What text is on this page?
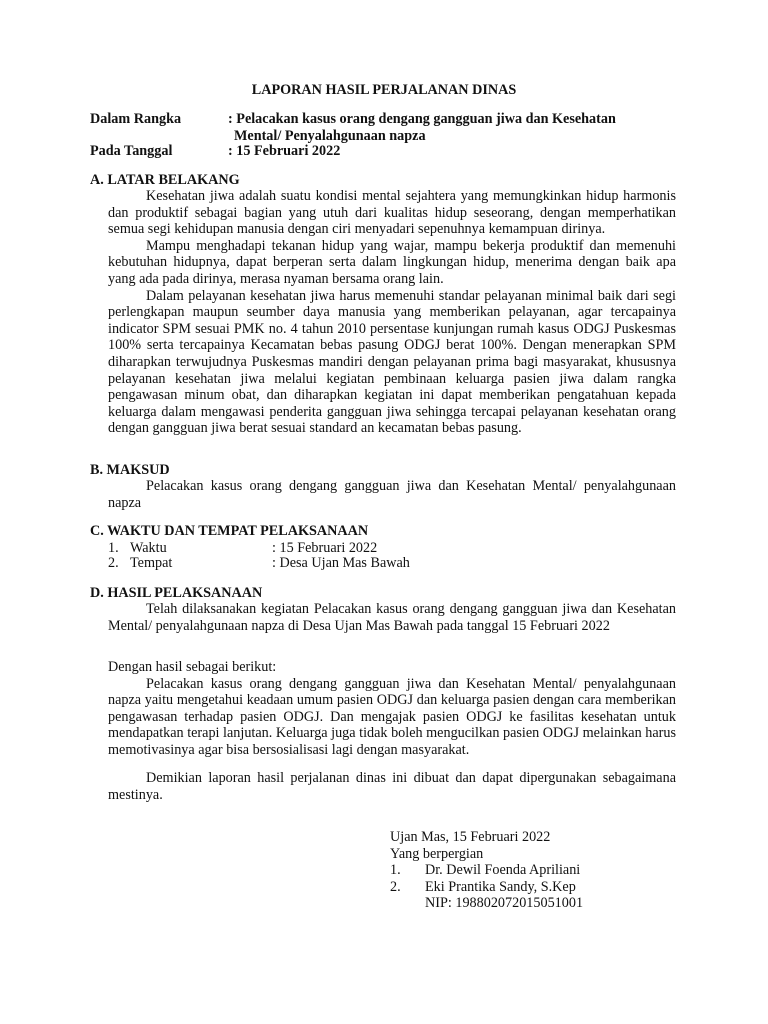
LAPORAN HASIL PERJALANAN DINAS
Dalam Rangka	: Pelacakan kasus orang dengang gangguan jiwa dan Kesehatan
Mental/ Penyalahgunaan napza
Pada Tanggal	: 15 Februari 2022
A. LATAR BELAKANG

Kesehatan jiwa adalah suatu kondisi mental sejahtera yang memungkinkan hidup harmonis dan produktif sebagai bagian yang utuh dari kualitas hidup seseorang, dengan memperhatikan semua segi kehidupan manusia dengan ciri menyadari sepenuhnya kemampuan dirinya.

Mampu menghadapi tekanan hidup yang wajar, mampu bekerja produktif dan memenuhi kebutuhan hidupnya, dapat berperan serta dalam lingkungan hidup, menerima dengan baik apa yang ada pada dirinya, merasa nyaman bersama orang lain.

Dalam pelayanan kesehatan jiwa harus memenuhi standar pelayanan minimal baik dari segi perlengkapan maupun seumber daya manusia yang memberikan pelayanan, agar tercapainya indicator SPM sesuai PMK no. 4 tahun 2010 persentase kunjungan rumah kasus ODGJ Puskesmas 100% serta tercapainya Kecamatan bebas pasung ODGJ berat 100%. Dengan menerapkan SPM diharapkan terwujudnya Puskesmas mandiri dengan pelayanan prima bagi masyarakat, khususnya pelayanan kesehatan jiwa melalui kegiatan pembinaan keluarga pasien jiwa dalam rangka pengawasan minum obat, dan diharapkan kegiatan ini dapat memberikan pengatahuan kepada keluarga dalam mengawasi penderita gangguan jiwa sehingga tercapai pelayanan kesehatan orang dengan gangguan jiwa berat sesuai standard an kecamatan bebas pasung.

B. MAKSUD

Pelacakan kasus orang dengang gangguan jiwa dan Kesehatan Mental/ penyalahgunaan napza

C. WAKTU DAN TEMPAT PELAKSANAAN
1. Waktu	: 15 Februari 2022
2. Tempat	: Desa Ujan Mas Bawah
D. HASIL PELAKSANAAN

Telah dilaksanakan kegiatan Pelacakan kasus orang dengang gangguan jiwa dan Kesehatan Mental/ penyalahgunaan napza di Desa Ujan Mas Bawah pada tanggal 15 Februari 2022

Dengan hasil sebagai berikut:

Pelacakan kasus orang dengang gangguan jiwa dan Kesehatan Mental/ penyalahgunaan napza yaitu mengetahui keadaan umum pasien ODGJ dan keluarga pasien dengan cara memberikan pengawasan terhadap pasien ODGJ. Dan mengajak pasien ODGJ ke fasilitas kesehatan untuk mendapatkan terapi lanjutan. Keluarga juga tidak boleh mengucilkan pasien ODGJ melainkan harus memotivasinya agar bisa bersosialisasi lagi dengan masyarakat.

Demikian laporan hasil perjalanan dinas ini dibuat dan dapat dipergunakan sebagaimana mestinya.

Ujan Mas, 15 Februari 2022
Yang berpergian
1. Dr. Dewil Foenda Apriliani
2. Eki Prantika Sandy, S.Kep
NIP: 198802072015051001
